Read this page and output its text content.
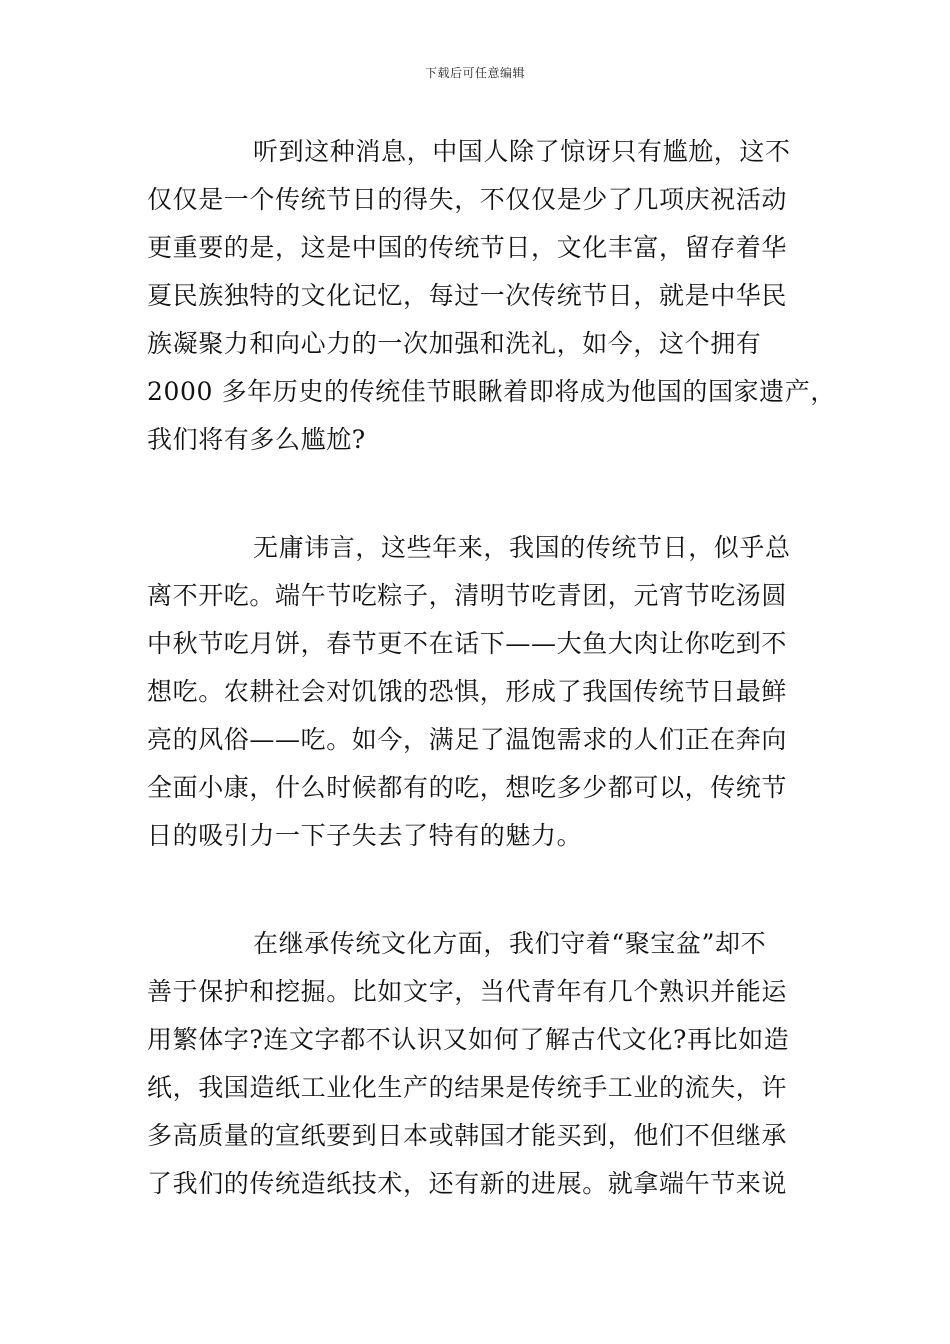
下载后可任意编辑
听到这种消息，中国人除了惊讶只有尴尬，这不
仅仅是一个传统节日的得失，不仅仅是少了几项庆祝活动
更重要的是，这是中国的传统节日，文化丰富，留存着华
夏民族独特的文化记忆，每过一次传统节日，就是中华民
族凝聚力和向心力的一次加强和洗礼，如今，这个拥有
2000 多年历史的传统佳节眼瞅着即将成为他国的国家遗产，
我们将有多么尴尬?
无庸讳言，这些年来，我国的传统节日，似乎总
离不开吃。端午节吃粽子，清明节吃青团，元宵节吃汤圆
中秋节吃月饼，春节更不在话下——大鱼大肉让你吃到不
想吃。农耕社会对饥饿的恐惧，形成了我国传统节日最鲜
亮的风俗——吃。如今，满足了温饱需求的人们正在奔向
全面小康，什么时候都有的吃，想吃多少都可以，传统节
日的吸引力一下子失去了特有的魅力。
在继承传统文化方面，我们守着“聚宝盆”却不
善于保护和挖掘。比如文字，当代青年有几个熟识并能运
用繁体字?连文字都不认识又如何了解古代文化?再比如造
纸，我国造纸工业化生产的结果是传统手工业的流失，许
多高质量的宣纸要到日本或韩国才能买到，他们不但继承
了我们的传统造纸技术，还有新的进展。就拿端午节来说
